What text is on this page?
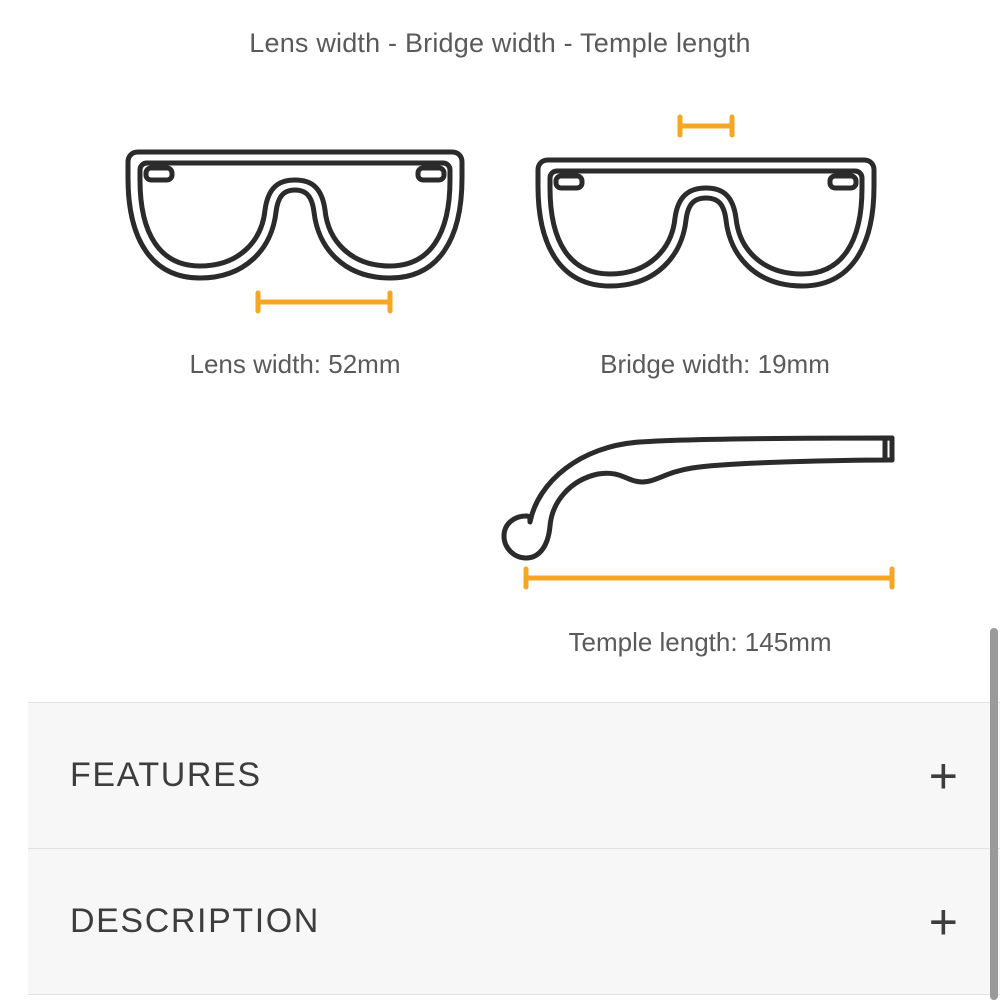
Lens width - Bridge width - Temple length
Lens width: 52mm	Bridge width: 19mm
Temple length: 145mm
FEATURES	+
DESCRIPTION	+
